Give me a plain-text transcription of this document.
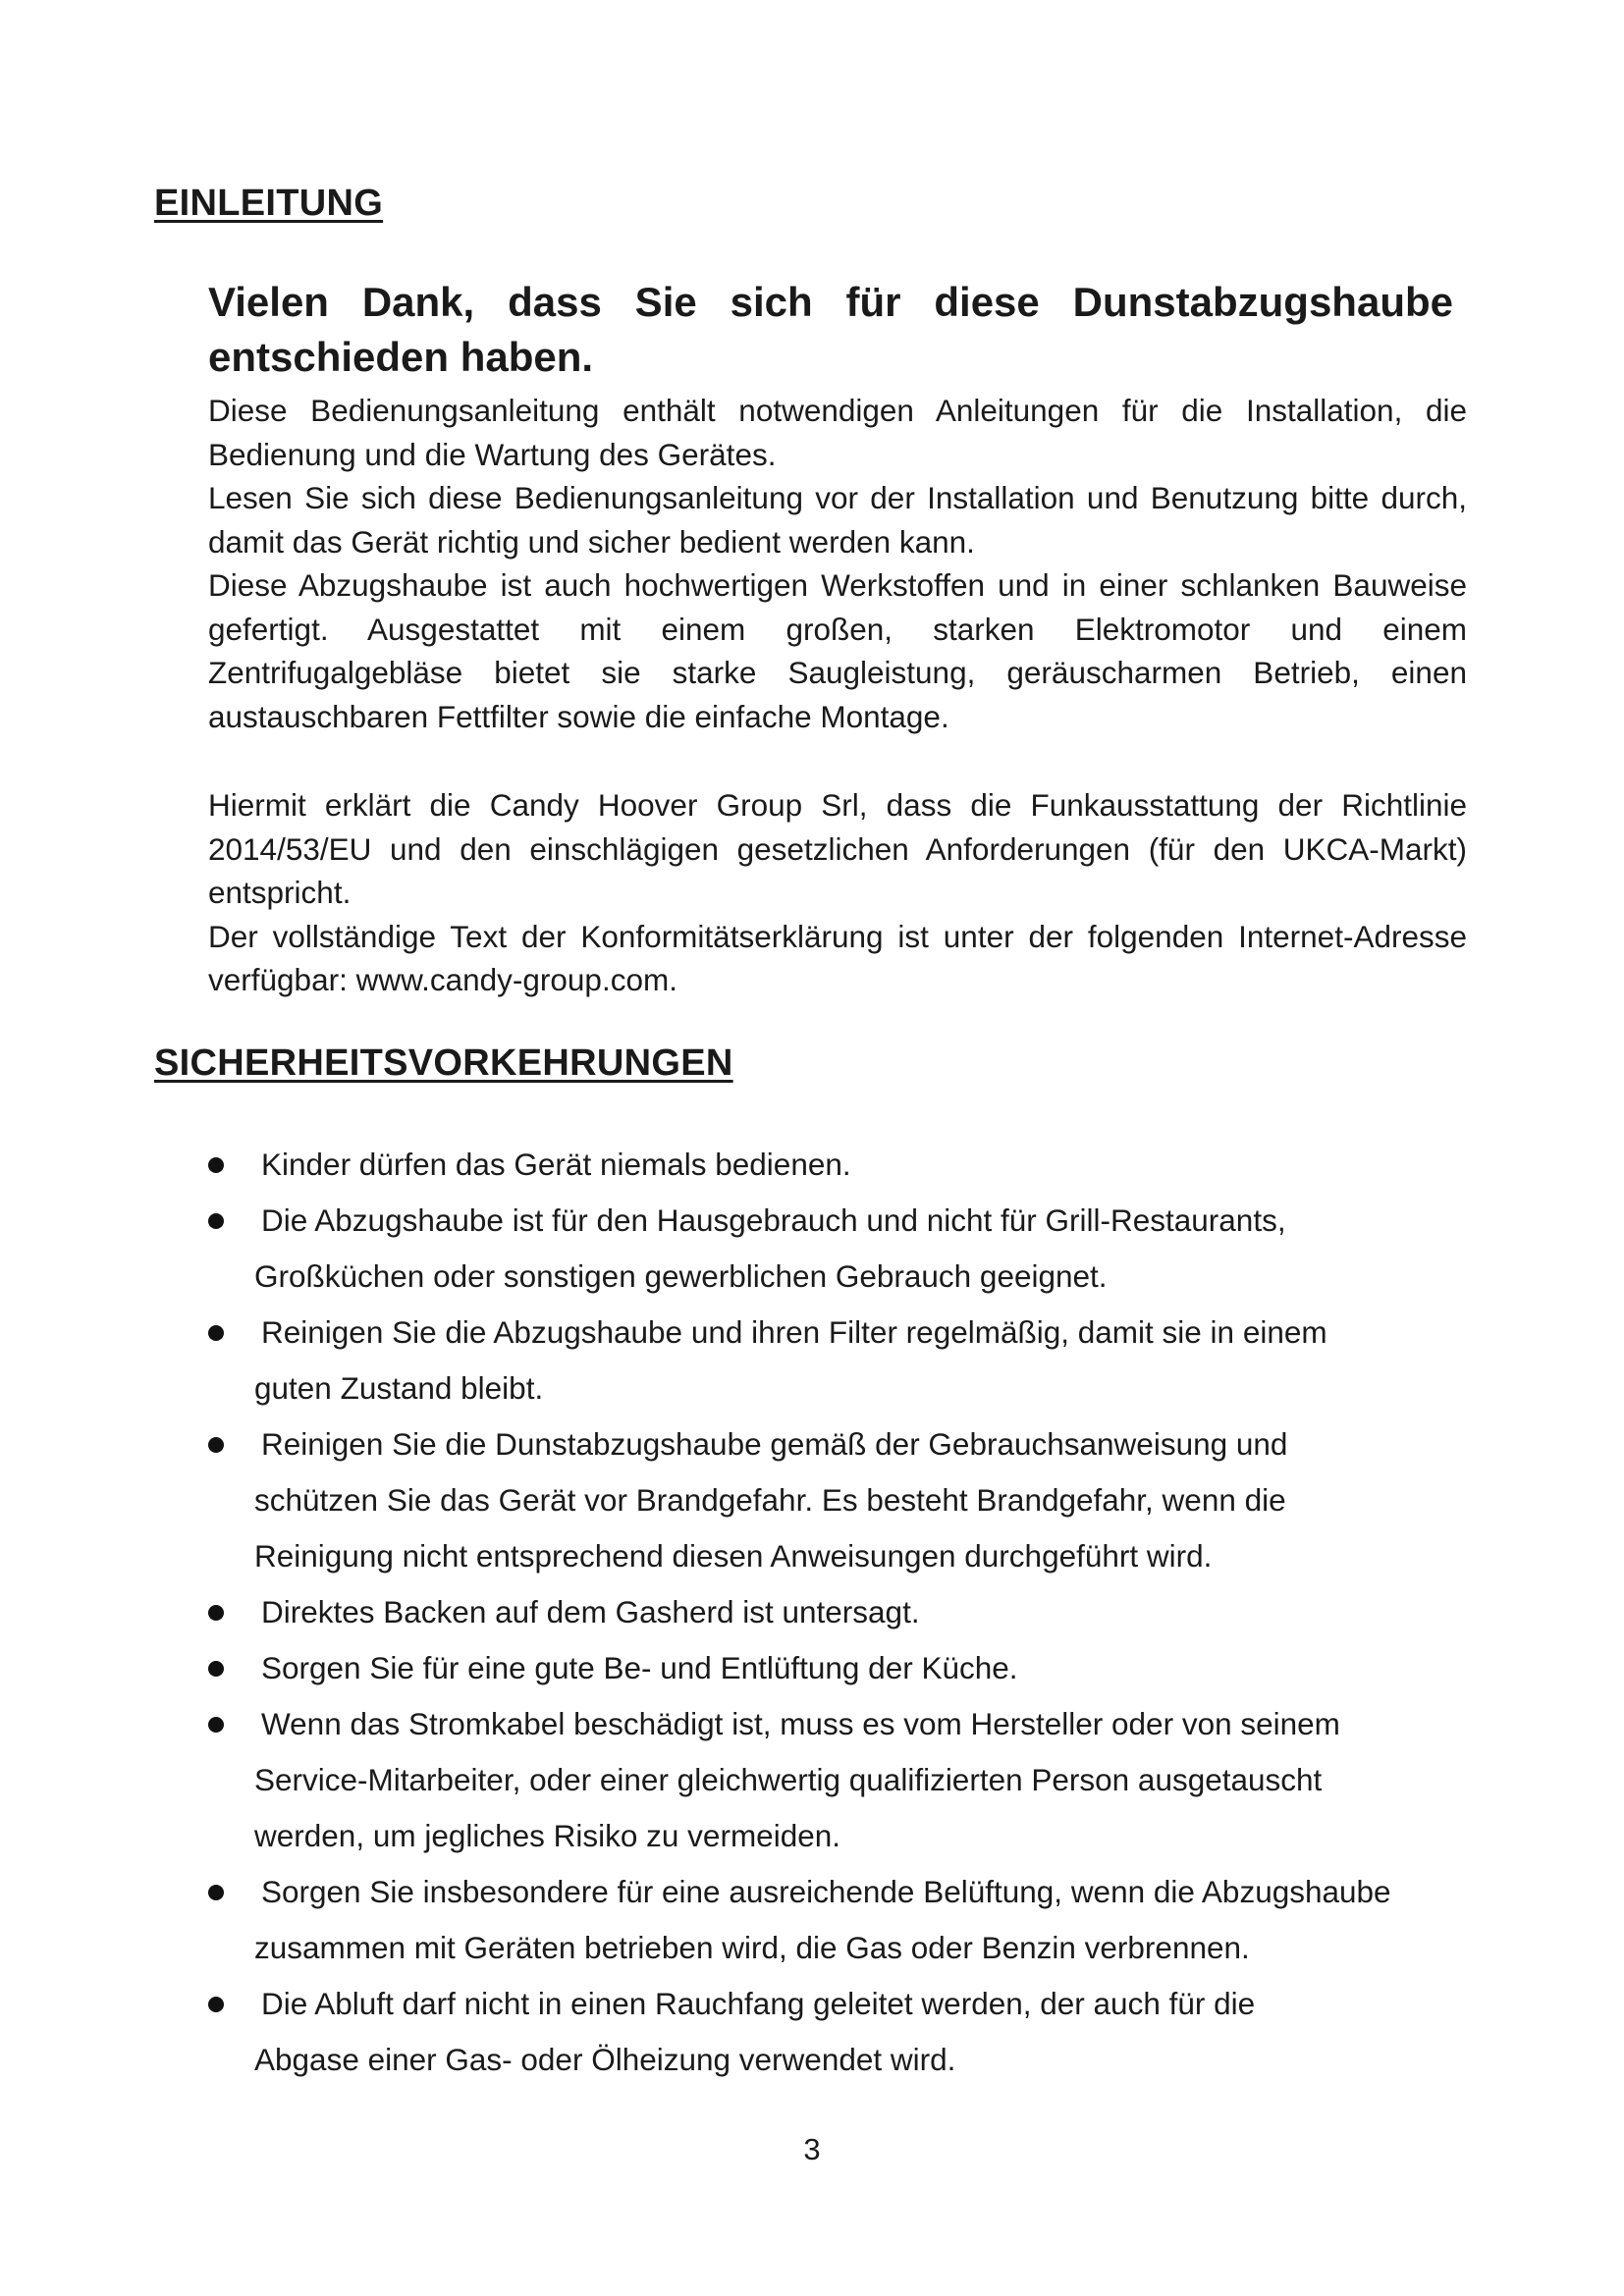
EINLEITUNG
Vielen Dank, dass Sie sich für diese Dunstabzugshaube entschieden haben.

Diese Bedienungsanleitung enthält notwendigen Anleitungen für die Installation, die Bedienung und die Wartung des Gerätes.

Lesen Sie sich diese Bedienungsanleitung vor der Installation und Benutzung bitte durch, damit das Gerät richtig und sicher bedient werden kann.

Diese Abzugshaube ist auch hochwertigen Werkstoffen und in einer schlanken Bauweise gefertigt. Ausgestattet mit einem großen, starken Elektromotor und einem Zentrifugalgebläse bietet sie starke Saugleistung, geräuscharmen Betrieb, einen austauschbaren Fettfilter sowie die einfache Montage.

Hiermit erklärt die Candy Hoover Group Srl, dass die Funkausstattung der Richtlinie 2014/53/EU und den einschlägigen gesetzlichen Anforderungen (für den UKCA-Markt) entspricht.

Der vollständige Text der Konformitätserklärung ist unter der folgenden Internet-Adresse verfügbar: www.candy-group.com.

SICHERHEITSVORKEHRUNGEN
Kinder dürfen das Gerät niemals bedienen.
Die Abzugshaube ist für den Hausgebrauch und nicht für Grill-Restaurants,
Großküchen oder sonstigen gewerblichen Gebrauch geeignet.
Reinigen Sie die Abzugshaube und ihren Filter regelmäßig, damit sie in einem
guten Zustand bleibt.
Reinigen Sie die Dunstabzugshaube gemäß der Gebrauchsanweisung und
schützen Sie das Gerät vor Brandgefahr. Es besteht Brandgefahr, wenn die
Reinigung nicht entsprechend diesen Anweisungen durchgeführt wird.
Direktes Backen auf dem Gasherd ist untersagt.
Sorgen Sie für eine gute Be- und Entlüftung der Küche.
Wenn das Stromkabel beschädigt ist, muss es vom Hersteller oder von seinem
Service-Mitarbeiter, oder einer gleichwertig qualifizierten Person ausgetauscht
werden, um jegliches Risiko zu vermeiden.
Sorgen Sie insbesondere für eine ausreichende Belüftung, wenn die Abzugshaube
zusammen mit Geräten betrieben wird, die Gas oder Benzin verbrennen.
Die Abluft darf nicht in einen Rauchfang geleitet werden, der auch für die
Abgase einer Gas- oder Ölheizung verwendet wird.
3
